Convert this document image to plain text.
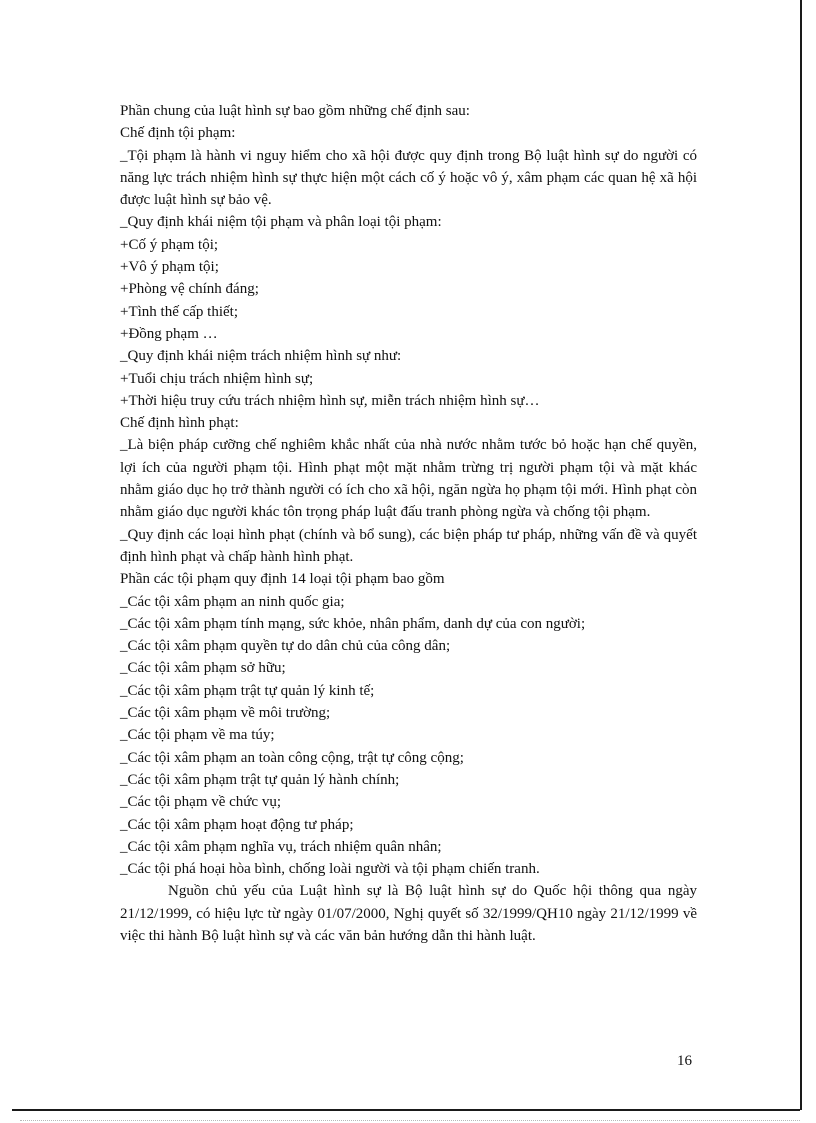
Phần chung của luật hình sự bao gồm những chế định sau:

Chế định tội phạm:

_Tội phạm là hành vi nguy hiểm cho xã hội được quy định trong Bộ luật hình sự do người có năng lực trách nhiệm hình sự thực hiện một cách cố ý hoặc vô ý, xâm phạm các quan hệ xã hội được luật hình sự bảo vệ.

_Quy định khái niệm tội phạm và phân loại tội phạm:

+Cố ý phạm tội;

+Vô ý phạm tội;

+Phòng vệ chính đáng;

+Tình thế cấp thiết;

+Đồng phạm …

_Quy định khái niệm trách nhiệm hình sự như:

+Tuổi chịu trách nhiệm hình sự;

+Thời hiệu truy cứu trách nhiệm hình sự, miễn trách nhiệm hình sự…

Chế định hình phạt:

_Là biện pháp cưỡng chế nghiêm khắc nhất của nhà nước nhằm tước bỏ hoặc hạn chế quyền, lợi ích của người phạm tội. Hình phạt một mặt nhằm trừng trị người phạm tội và mặt khác nhằm giáo dục họ trở thành người có ích cho xã hội, ngăn ngừa họ phạm tội mới. Hình phạt còn nhằm giáo dục người khác tôn trọng pháp luật đấu tranh phòng ngừa và chống tội phạm.

_Quy định các loại hình phạt (chính và bổ sung), các biện pháp tư pháp, những vấn đề và quyết định hình phạt và chấp hành hình phạt.

Phần các tội phạm quy định 14 loại tội phạm bao gồm

_Các tội xâm phạm an ninh quốc gia;

_Các tội xâm phạm tính mạng, sức khỏe, nhân phẩm, danh dự của con người;

_Các tội xâm phạm quyền tự do dân chủ của công dân;

_Các tội xâm phạm sở hữu;

_Các tội xâm phạm trật tự quản lý kinh tế;

_Các tội xâm phạm về môi trường;

_Các tội phạm về ma túy;

_Các tội xâm phạm an toàn công cộng, trật tự công cộng;

_Các tội xâm phạm trật tự quản lý hành chính;

_Các tội phạm về chức vụ;

_Các tội xâm phạm hoạt động tư pháp;

_Các tội xâm phạm nghĩa vụ, trách nhiệm quân nhân;

_Các tội phá hoại hòa bình, chống loài người và tội phạm chiến tranh.

Nguồn chủ yếu của Luật hình sự là Bộ luật hình sự do Quốc hội thông qua ngày 21/12/1999, có hiệu lực từ ngày 01/07/2000, Nghị quyết số 32/1999/QH10 ngày 21/12/1999 về việc thi hành Bộ luật hình sự và các văn bản hướng dẫn thi hành luật.

16
